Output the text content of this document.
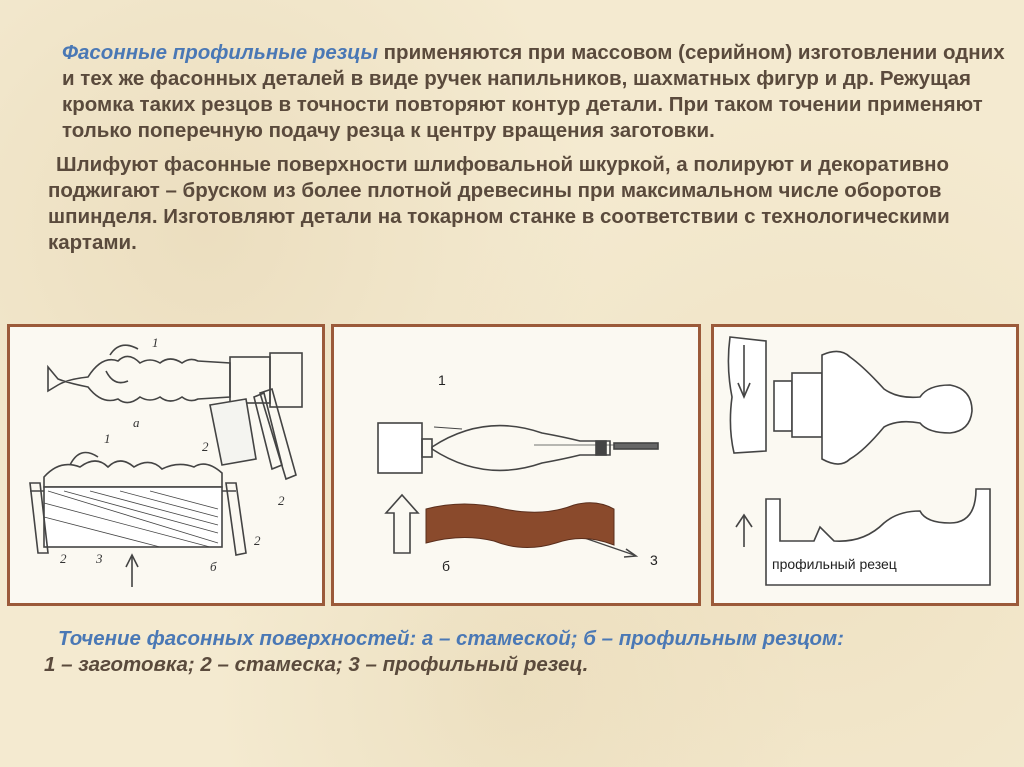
Фасонные профильные резцы применяются при массовом (серийном) изготовлении одних и тех же фасонных деталей в виде ручек напильников, шахматных фигур и др. Режущая кромка таких резцов в точности повторяют контур детали. При таком точении применяют только поперечную подачу резца к центру вращения заготовки.

Шлифуют фасонные поверхности шлифовальной шкуркой, а полируют и декоративно поджигают – бруском из более плотной древесины при максимальном числе оборотов шпинделя. Изготовляют детали на токарном станке в соответствии с технологическими картами.

1
а
2
1
2
2 3
б
2
1
б	3	профильный резец
Точение фасонных поверхностей: а – стамеской; б – профильным резцом:
1 – заготовка; 2 – стамеска; 3 – профильный резец.
